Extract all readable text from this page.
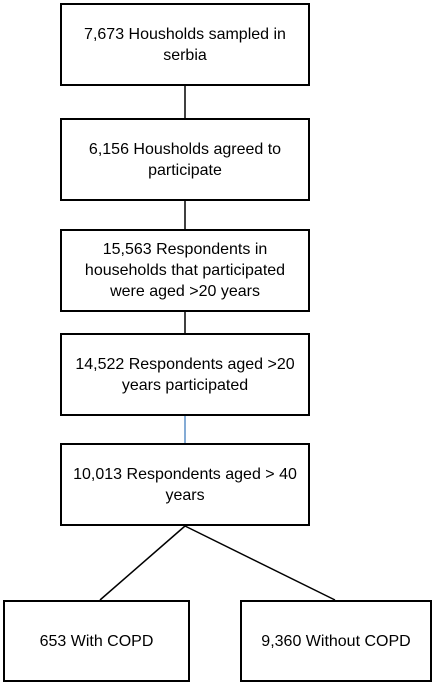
7,673 Housholds sampled in serbia
6,156 Housholds agreed to participate
15,563 Respondents in households that participated were aged >20 years
14,522 Respondents aged >20 years participated
10,013 Respondents aged > 40 years
653 With COPD	9,360 Without COPD
